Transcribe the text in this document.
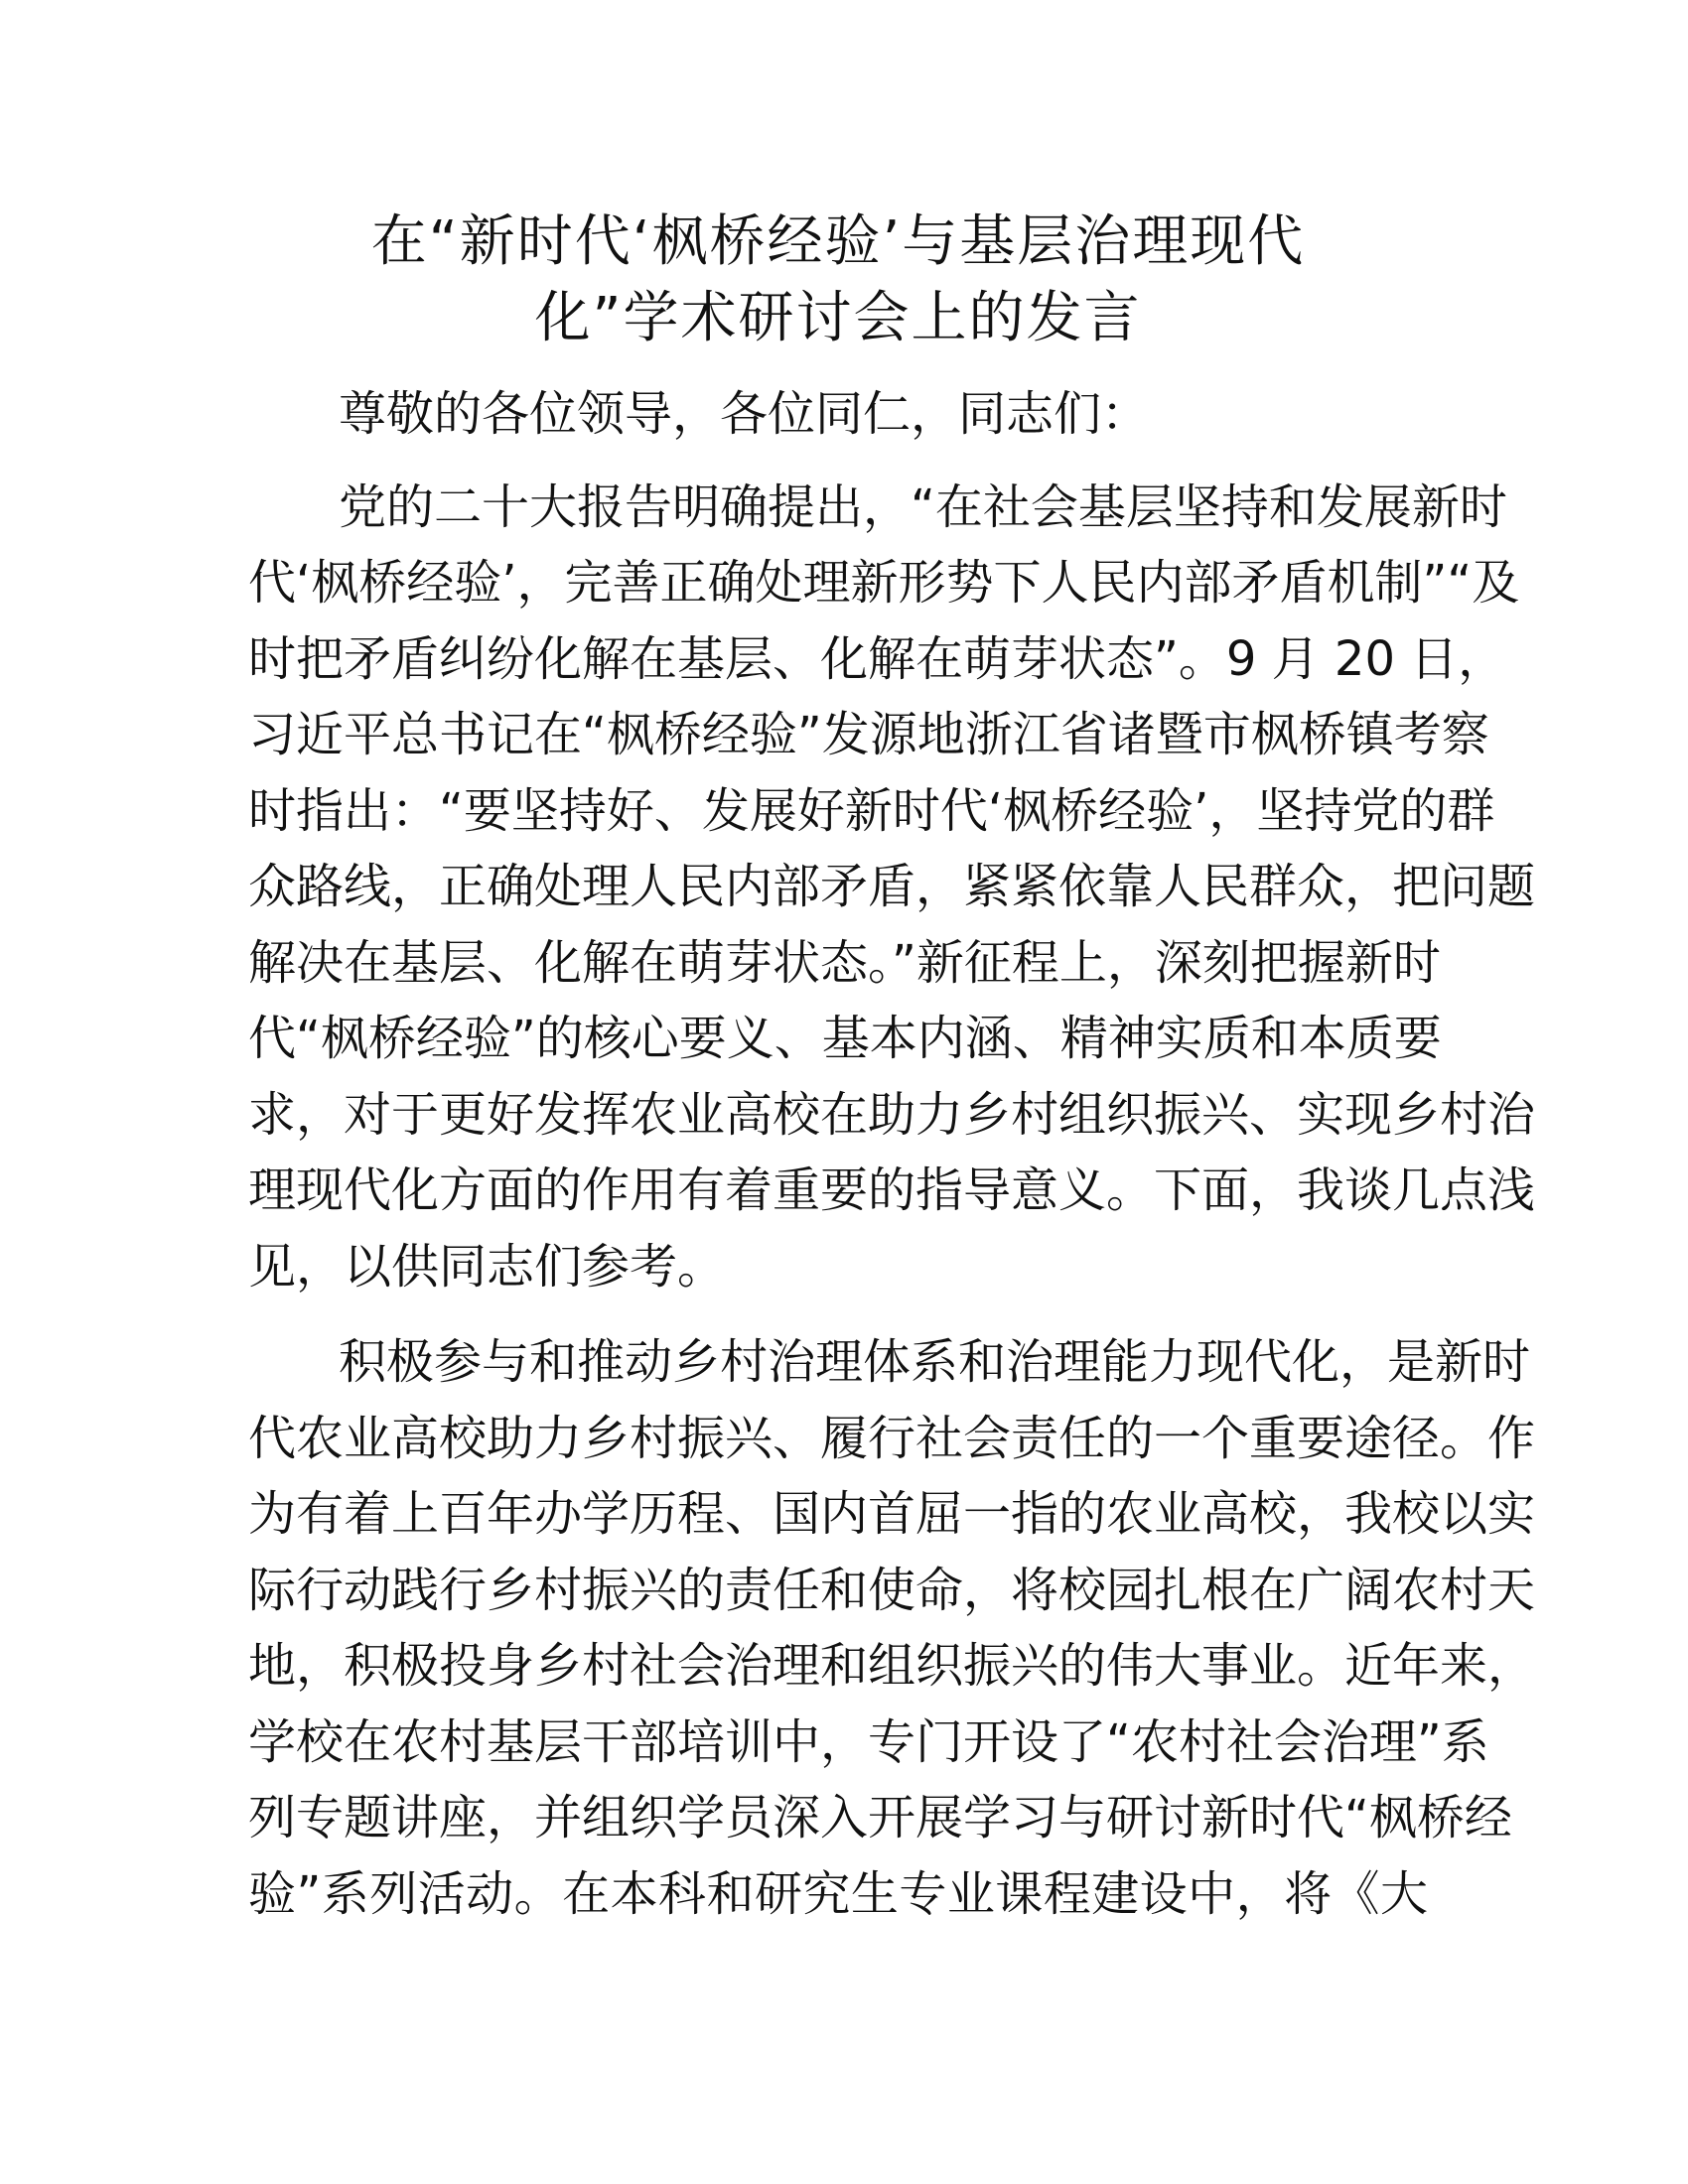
在“新时代‘枫桥经验’与基层治理现代
化”学术研讨会上的发言
尊敬的各位领导，各位同仁，同志们：
党的二十大报告明确提出，“在社会基层坚持和发展新时
代‘枫桥经验’，完善正确处理新形势下人民内部矛盾机制”“及
时把矛盾纠纷化解在基层、化解在萌芽状态”。9 月 20 日，
习近平总书记在“枫桥经验”发源地浙江省诸暨市枫桥镇考察
时指出：“要坚持好、发展好新时代‘枫桥经验’，坚持党的群
众路线，正确处理人民内部矛盾，紧紧依靠人民群众，把问题
解决在基层、化解在萌芽状态。”新征程上，深刻把握新时
代“枫桥经验”的核心要义、基本内涵、精神实质和本质要
求，对于更好发挥农业高校在助力乡村组织振兴、实现乡村治
理现代化方面的作用有着重要的指导意义。下面，我谈几点浅
见，以供同志们参考。
积极参与和推动乡村治理体系和治理能力现代化，是新时
代农业高校助力乡村振兴、履行社会责任的一个重要途径。作
为有着上百年办学历程、国内首屈一指的农业高校，我校以实
际行动践行乡村振兴的责任和使命，将校园扎根在广阔农村天
地，积极投身乡村社会治理和组织振兴的伟大事业。近年来，
学校在农村基层干部培训中，专门开设了“农村社会治理”系
列专题讲座，并组织学员深入开展学习与研讨新时代“枫桥经
验”系列活动。在本科和研究生专业课程建设中，将《大
